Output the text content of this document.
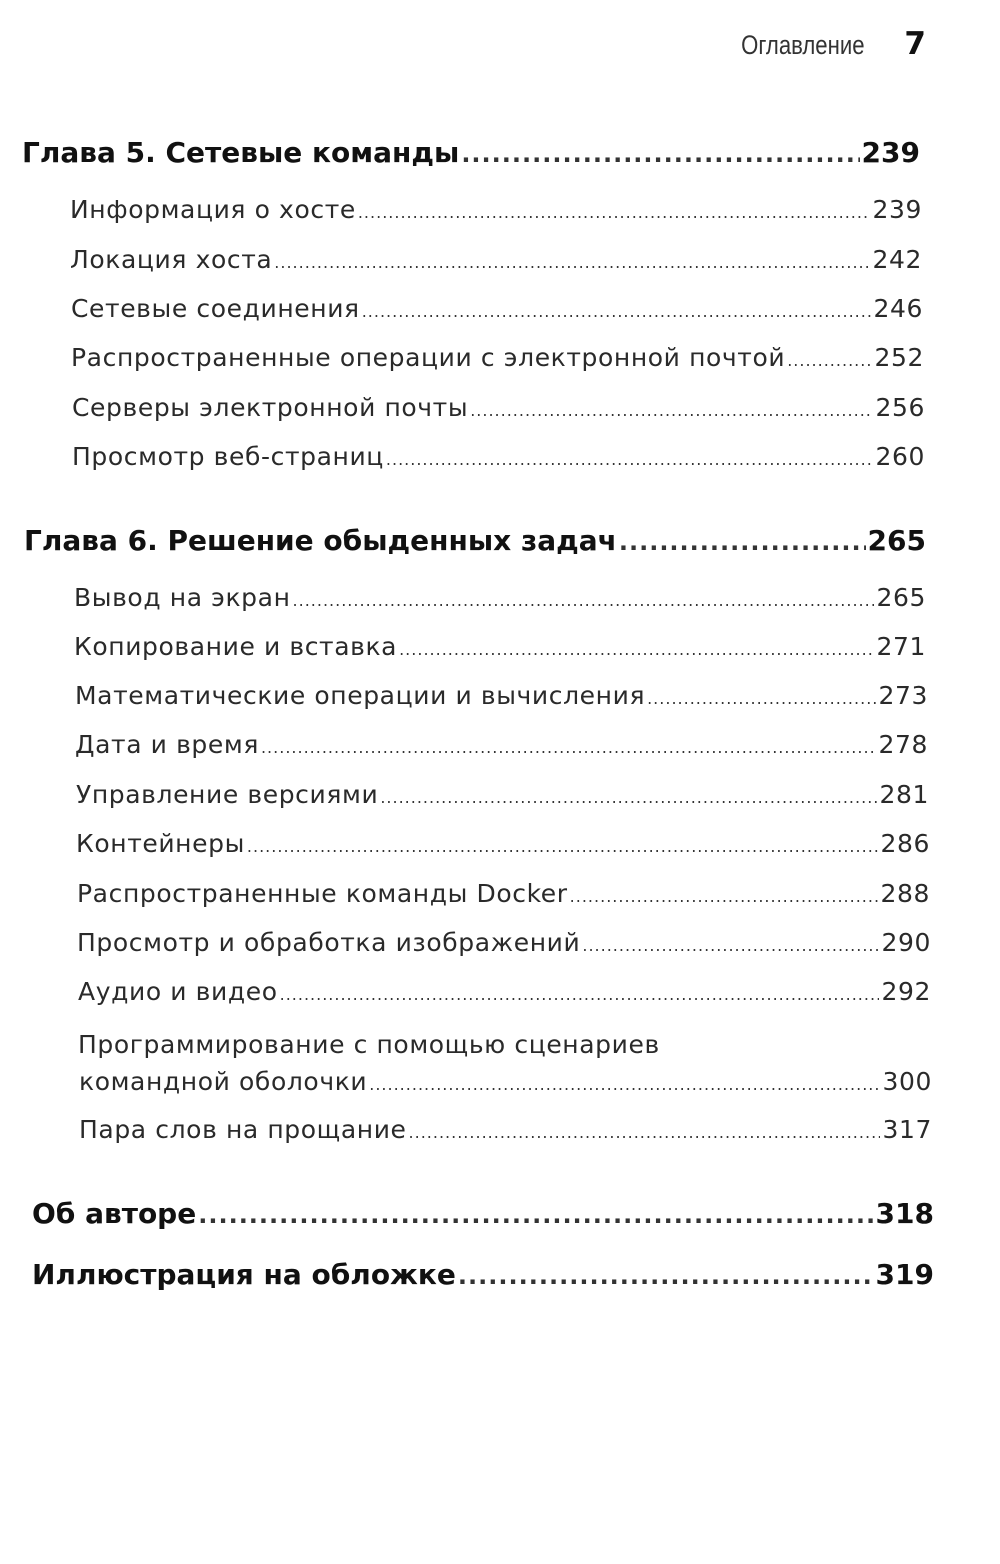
Оглавление 7
Глава 5. Сетевые команды .....	239
Информация о хосте .....	239
Локация хоста .....	242
Сетевые соединения .....	246
Распространенные операции с электронной почтой .....	252
Серверы электронной почты .....	256
Просмотр веб-страниц .....	260
Глава 6. Решение обыденных задач .....	265
Вывод на экран .....	265
Копирование и вставка .....	271
Математические операции и вычисления .....	273
Дата и время .....	278
Управление версиями .....	281
Контейнеры .....	286
Распространенные команды Docker .....	288
Просмотр и обработка изображений .....	290
Аудио и видео .....	292
Программирование с помощью сценариев
командной оболочки .....	300
Пара слов на прощание .....	317
Об авторе .....	318
Иллюстрация на обложке .....	319
